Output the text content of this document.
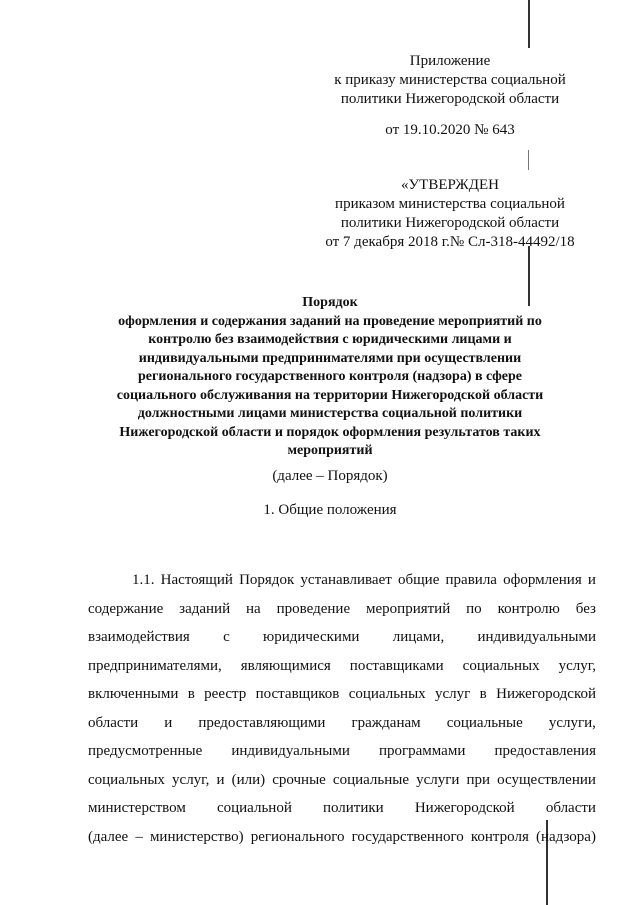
Приложение
к приказу министерства социальной
политики Нижегородской области
от 19.10.2020 № 643
«УТВЕРЖДЕН
приказом министерства социальной
политики Нижегородской области
от 7 декабря 2018 г.№ Сл-318-44492/18
Порядок
оформления и содержания заданий на проведение мероприятий по
контролю без взаимодействия с юридическими лицами и
индивидуальными предпринимателями при осуществлении
регионального государственного контроля (надзора) в сфере
социального обслуживания на территории Нижегородской области
должностными лицами министерства социальной политики
Нижегородской области и порядок оформления результатов таких
мероприятий
(далее – Порядок)
1. Общие положения
1.1. Настоящий Порядок устанавливает общие правила оформления и
содержание заданий на проведение мероприятий по контролю без
взаимодействия с юридическими лицами, индивидуальными
предпринимателями, являющимися поставщиками социальных услуг,
включенными в реестр поставщиков социальных услуг в Нижегородской
области и предоставляющими гражданам социальные услуги,
предусмотренные индивидуальными программами предоставления
социальных услуг, и (или) срочные социальные услуги при осуществлении
министерством социальной политики Нижегородской области
(далее – министерство) регионального государственного контроля (надзора)
